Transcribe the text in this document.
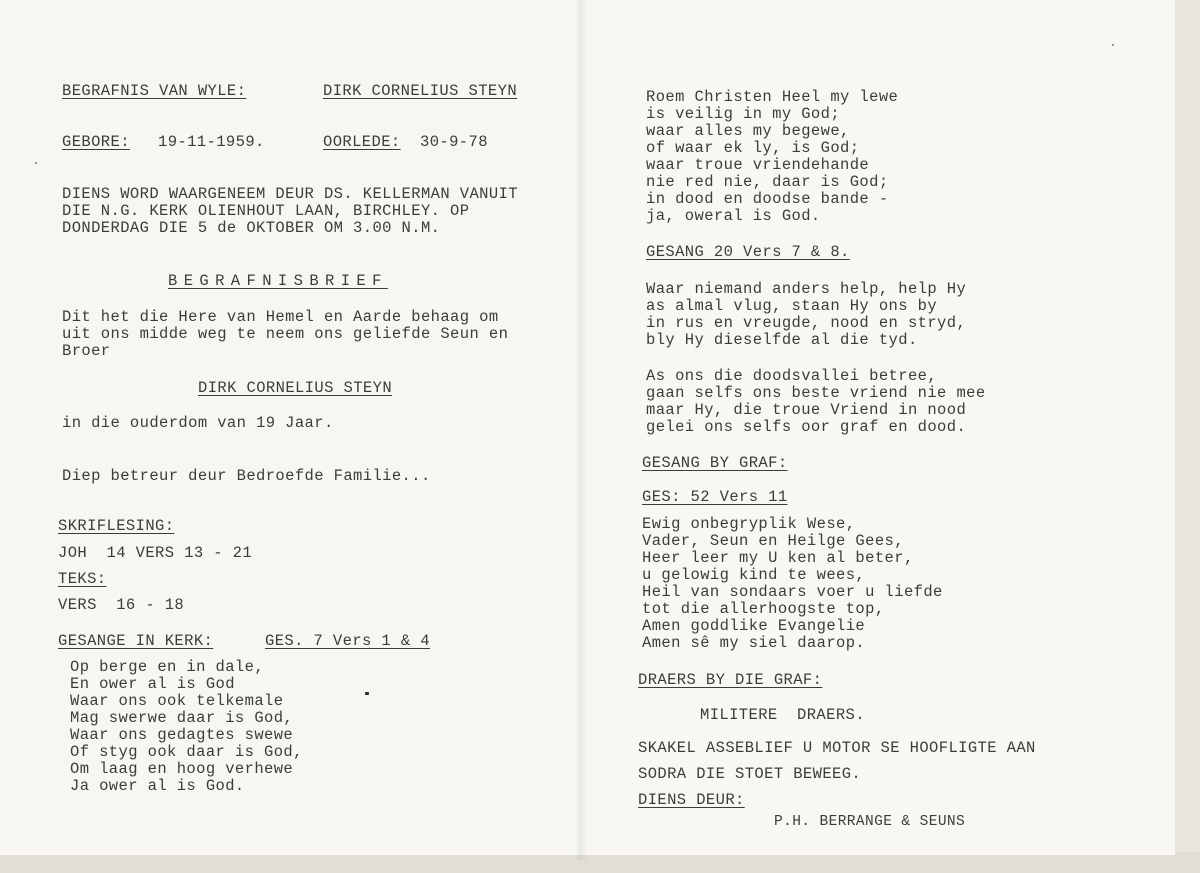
BEGRAFNIS VAN WYLE:	DIRK CORNELIUS STEYN
GEBORE: 19-11-1959.	OORLEDE: 30-9-78
DIENS WORD WAARGENEEM DEUR DS. KELLERMAN VANUIT
DIE N.G. KERK OLIENHOUT LAAN, BIRCHLEY. OP
DONDERDAG DIE 5 de OKTOBER OM 3.00 N.M.
BEGRAFNISBRIEF
Dit het die Here van Hemel en Aarde behaag om
uit ons midde weg te neem ons geliefde Seun en
Broer
DIRK CORNELIUS STEYN
in die ouderdom van 19 Jaar.
Diep betreur deur Bedroefde Familie...
SKRIFLESING:
JOH  14 VERS 13 - 21
TEKS:
VERS  16 - 18
GESANGE IN KERK:	GES. 7 Vers 1 & 4
Op berge en in dale,
En ower al is God
Waar ons ook telkemale
Mag swerwe daar is God,
Waar ons gedagtes swewe
Of styg ook daar is God,
Om laag en hoog verhewe
Ja ower al is God.
Roem Christen Heel my lewe
is veilig in my God;
waar alles my begewe,
of waar ek ly, is God;
waar troue vriendehande
nie red nie, daar is God;
in dood en doodse bande -
ja, oweral is God.
GESANG 20 Vers 7 & 8.
Waar niemand anders help, help Hy
as almal vlug, staan Hy ons by
in rus en vreugde, nood en stryd,
bly Hy dieselfde al die tyd.
As ons die doodsvallei betree,
gaan selfs ons beste vriend nie mee
maar Hy, die troue Vriend in nood
gelei ons selfs oor graf en dood.
GESANG BY GRAF:
GES: 52 Vers 11
Ewig onbegryplik Wese,
Vader, Seun en Heilge Gees,
Heer leer my U ken al beter,
u gelowig kind te wees,
Heil van sondaars voer u liefde
tot die allerhoogste top,
Amen goddlike Evangelie
Amen sê my siel daarop.
DRAERS BY DIE GRAF:
MILITERE  DRAERS.
SKAKEL ASSEBLIEF U MOTOR SE HOOFLIGTE AAN
SODRA DIE STOET BEWEEG.
DIENS DEUR:
P.H. BERRANGE & SEUNS
